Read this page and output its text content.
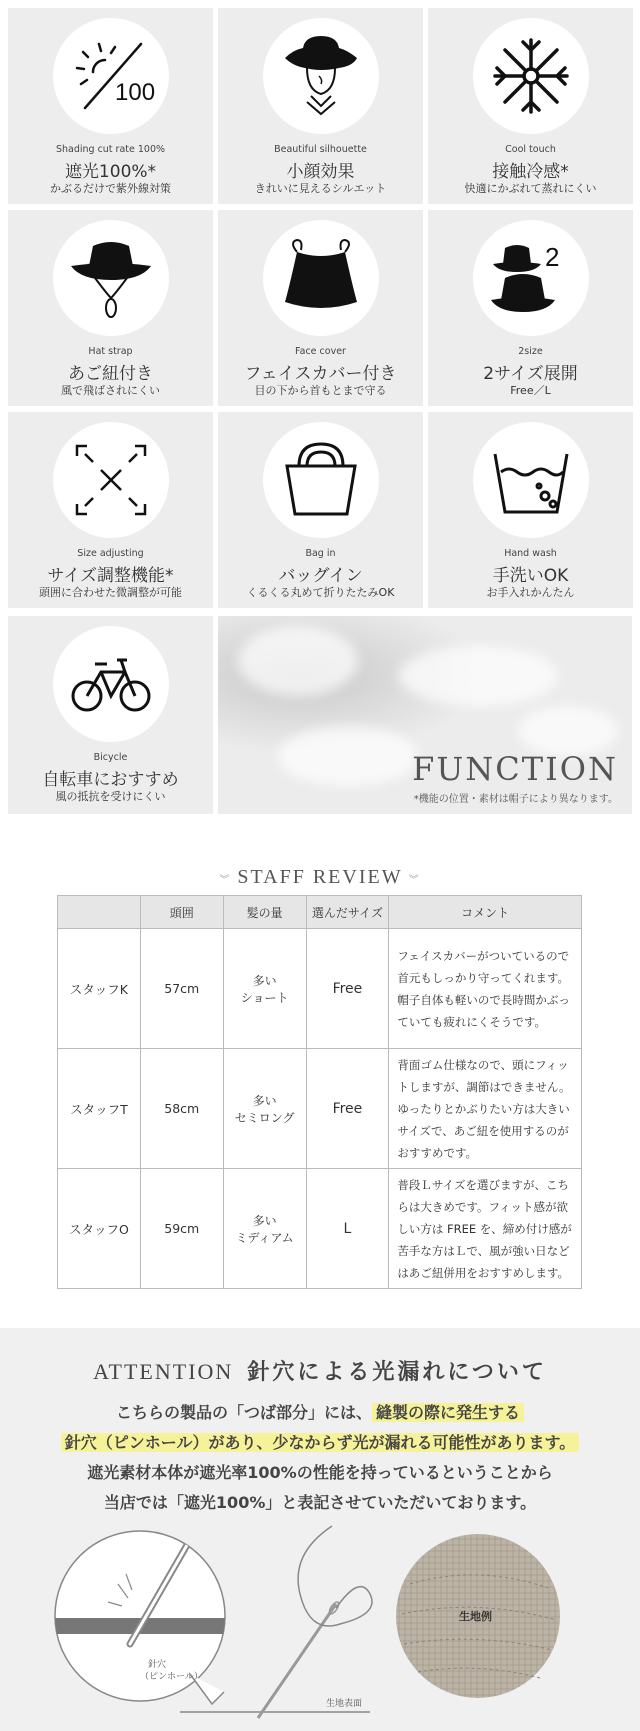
100
Shading cut rate 100%
遮光100%*
かぶるだけで紫外線対策
Beautiful silhouette
小顔効果
きれいに見えるシルエット
Cool touch
接触冷感*
快適にかぶれて蒸れにくい
Hat strap
あご紐付き
風で飛ばされにくい
Face cover
フェイスカバー付き
目の下から首もとまで守る
2
2size
2サイズ展開
Free／L
Size adjusting
サイズ調整機能*
頭囲に合わせた微調整が可能
Bag in
バッグイン
くるくる丸めて折りたたみOK
Hand wash
手洗いOK
お手入れかんたん
Bicycle
自転車におすすめ
風の抵抗を受けにくい
FUNCTION
*機能の位置・素材は帽子により異なります。
︾ STAFF REVIEW ︾
	頭囲	髪の量	選んだサイズ	コメント
スタッフK	57cm	多い
ショート	Free	フェイスカバーがついているので
首元もしっかり守ってくれます。
帽子自体も軽いので長時間かぶっ
ていても疲れにくそうです。
スタッフT	58cm	多い
セミロング	Free	背面ゴム仕様なので、頭にフィッ
トしますが、調節はできません。
ゆったりとかぶりたい方は大きい
サイズで、あご紐を使用するのが
おすすめです。
スタッフO	59cm	多い
ミディアム	L	普段Ｌサイズを選びますが、こち
らは大きめです。フィット感が欲
しい方は FREE を、締め付け感が
苦手な方はＬで、風が強い日など
はあご紐併用をおすすめします。
ATTENTION 針穴による光漏れについて
こちらの製品の「つば部分」には、 縫製の際に発生する
針穴（ピンホール）があり、少なからず光が漏れる可能性があります。
遮光素材本体が遮光率100%の性能を持っているということから
当店では「遮光100%」と表記させていただいております。
針穴
（ピンホール）
生地表面
生地例
